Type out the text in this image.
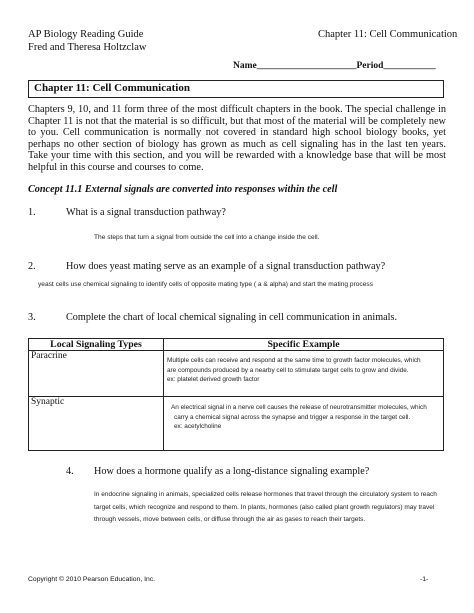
AP Biology Reading Guide
Fred and Theresa Holtzclaw
Chapter 11: Cell Communication
Name_____________________Period___________
Chapter 11: Cell Communication
Chapters 9, 10, and 11 form three of the most difficult chapters in the book. The special challenge in Chapter 11 is not that the material is so difficult, but that most of the material will be completely new to you. Cell communication is normally not covered in standard high school biology books, yet perhaps no other section of biology has grown as much as cell signaling has in the last ten years. Take your time with this section, and you will be rewarded with a knowledge base that will be most helpful in this course and courses to come.
Concept 11.1 External signals are converted into responses within the cell
1.	What is a signal transduction pathway?
The steps that turn a signal from outside the cell into a change inside the cell.
2.	How does yeast mating serve as an example of a signal transduction pathway?
yeast cells use chemical signaling to identify cells of opposite mating type ( a & alpha) and start the mating process
3.	Complete the chart of local chemical signaling in cell communication in animals.
Local Signaling Types	Specific Example
Paracrine	Multiple cells can receive and respond at the same time to growth factor molecules, which
are compounds produced by a nearby cell to stimulate target cells to grow and divide.
ex: platelet derived growth factor

Synaptic	An electrical signal in a nerve cell causes the release of neurotransmitter molecules, which
carry a chemical signal across the synapse and trigger a response in the target cell.
ex: acetylcholine
4. How does a hormone qualify as a long-distance signaling example?
In endocrine signaling in animals, specialized cells release hormones that travel through the circulatory system to reach
target cells, which recognize and respond to them. In plants, hormones (also called plant growth regulators) may travel
through vessels, move between cells, or diffuse through the air as gases to reach their targets.
Copyright © 2010 Pearson Education, Inc.	-1-
